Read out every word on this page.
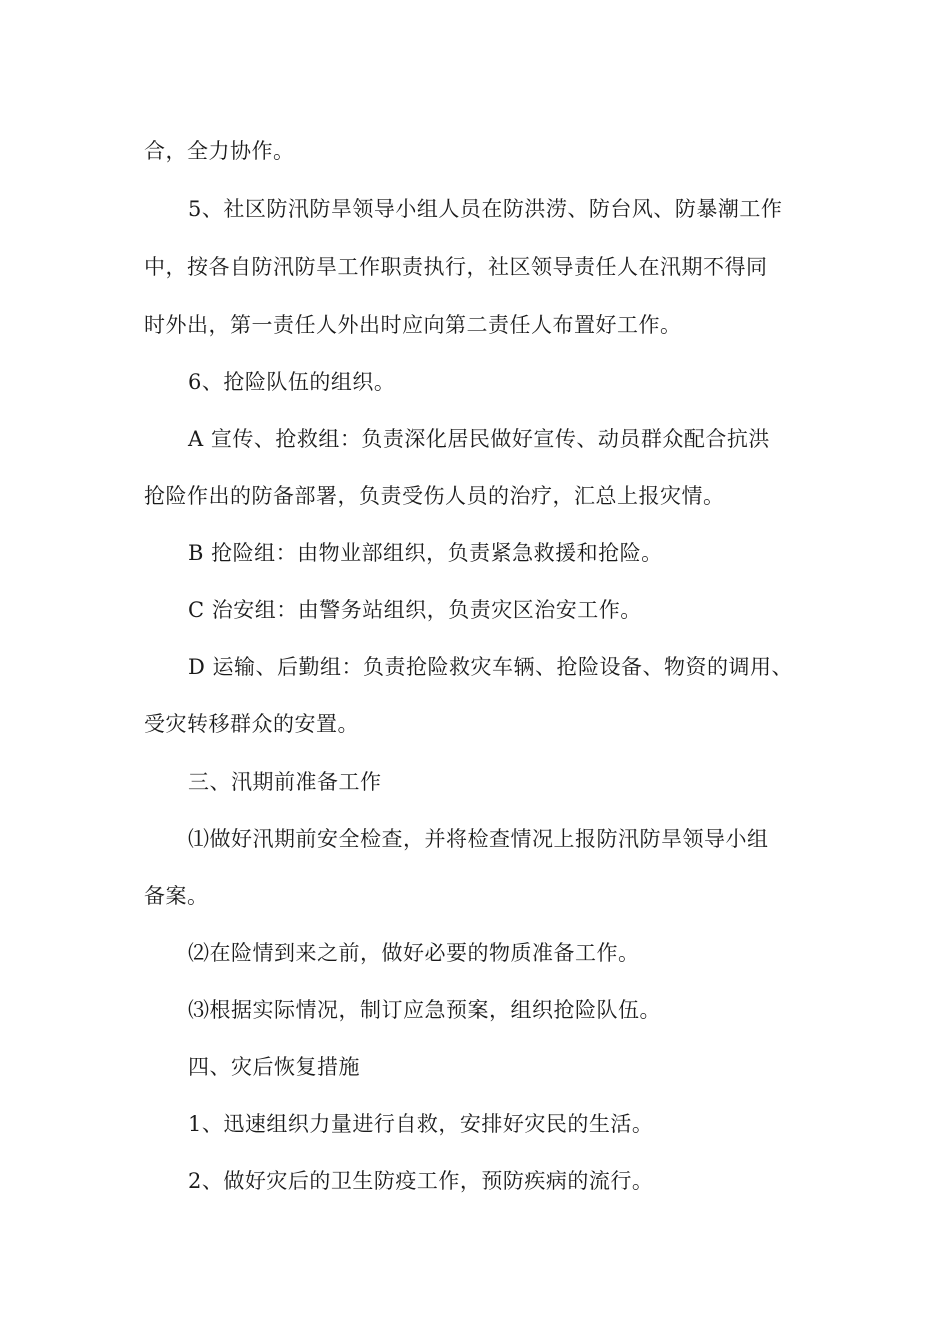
合，全力协作。
5、社区防汛防旱领导小组人员在防洪涝、防台风、防暴潮工作
中，按各自防汛防旱工作职责执行，社区领导责任人在汛期不得同
时外出，第一责任人外出时应向第二责任人布置好工作。
6、抢险队伍的组织。
A 宣传、抢救组：负责深化居民做好宣传、动员群众配合抗洪
抢险作出的防备部署，负责受伤人员的治疗，汇总上报灾情。
B 抢险组：由物业部组织，负责紧急救援和抢险。
C 治安组：由警务站组织，负责灾区治安工作。
D 运输、后勤组：负责抢险救灾车辆、抢险设备、物资的调用、
受灾转移群众的安置。
三、汛期前准备工作
⑴做好汛期前安全检查，并将检查情况上报防汛防旱领导小组
备案。
⑵在险情到来之前，做好必要的物质准备工作。
⑶根据实际情况，制订应急预案，组织抢险队伍。
四、灾后恢复措施
1、迅速组织力量进行自救，安排好灾民的生活。
2、做好灾后的卫生防疫工作，预防疾病的流行。
